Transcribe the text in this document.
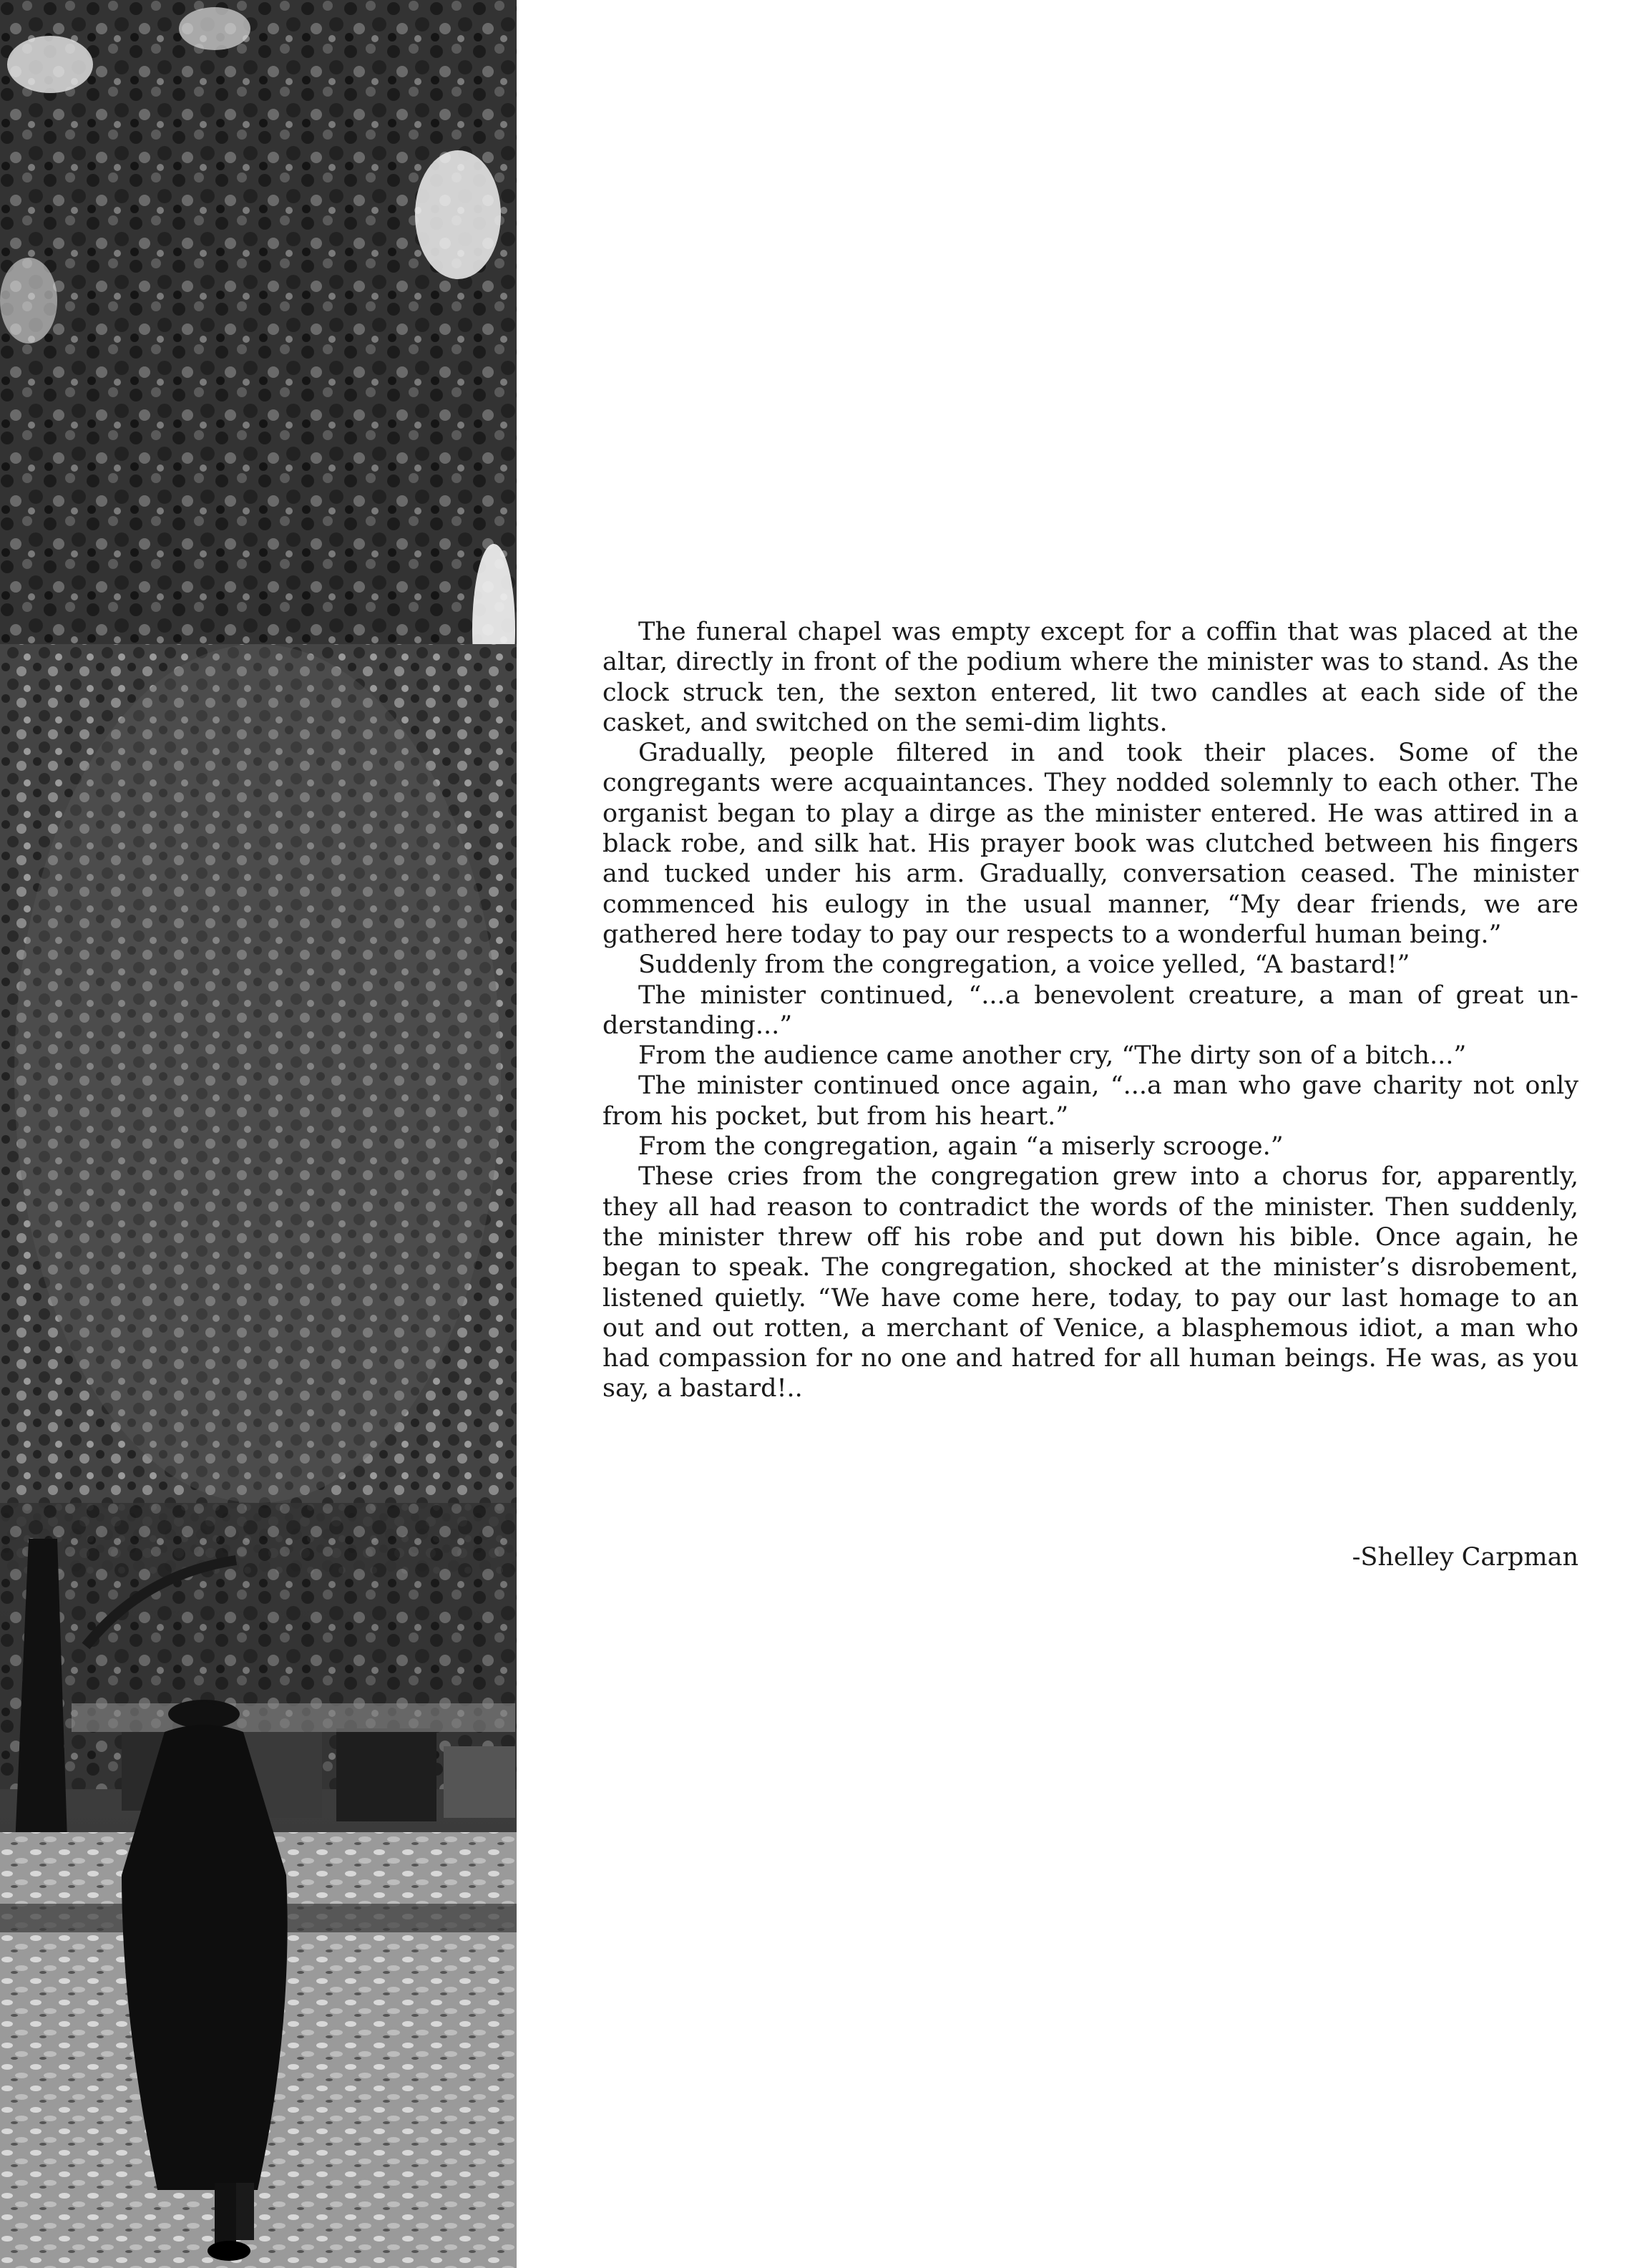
The funeral chapel was empty except for a coffin that was placed at the altar, directly in front of the podium where the minister was to stand. As the clock struck ten, the sexton entered, lit two candles at each side of the casket, and switched on the semi-dim lights.

Gradually, people filtered in and took their places. Some of the congregants were acquaintances. They nodded solemnly to each other. The organist began to play a dirge as the minister entered. He was attired in a black robe, and silk hat. His prayer book was clutched between his fingers and tucked under his arm. Gradually, conversation ceased. The minister commenced his eulogy in the usual manner, “My dear friends, we are gathered here today to pay our respects to a wonderful human being.”

Suddenly from the congregation, a voice yelled, “A bastard!”

The minister continued, “...a benevolent creature, a man of great understanding...”

From the audience came another cry, “The dirty son of a bitch...”

The minister continued once again, “...a man who gave charity not only from his pocket, but from his heart.”

From the congregation, again “a miserly scrooge.”

These cries from the congregation grew into a chorus for, apparently, they all had reason to contradict the words of the minister. Then suddenly, the minister threw off his robe and put down his bible. Once again, he began to speak. The congregation, shocked at the minister’s disrobement, listened quietly. “We have come here, today, to pay our last homage to an out and out rotten, a merchant of Venice, a blasphemous idiot, a man who had compassion for no one and hatred for all human beings. He was, as you say, a bastard!..

-Shelley Carpman
